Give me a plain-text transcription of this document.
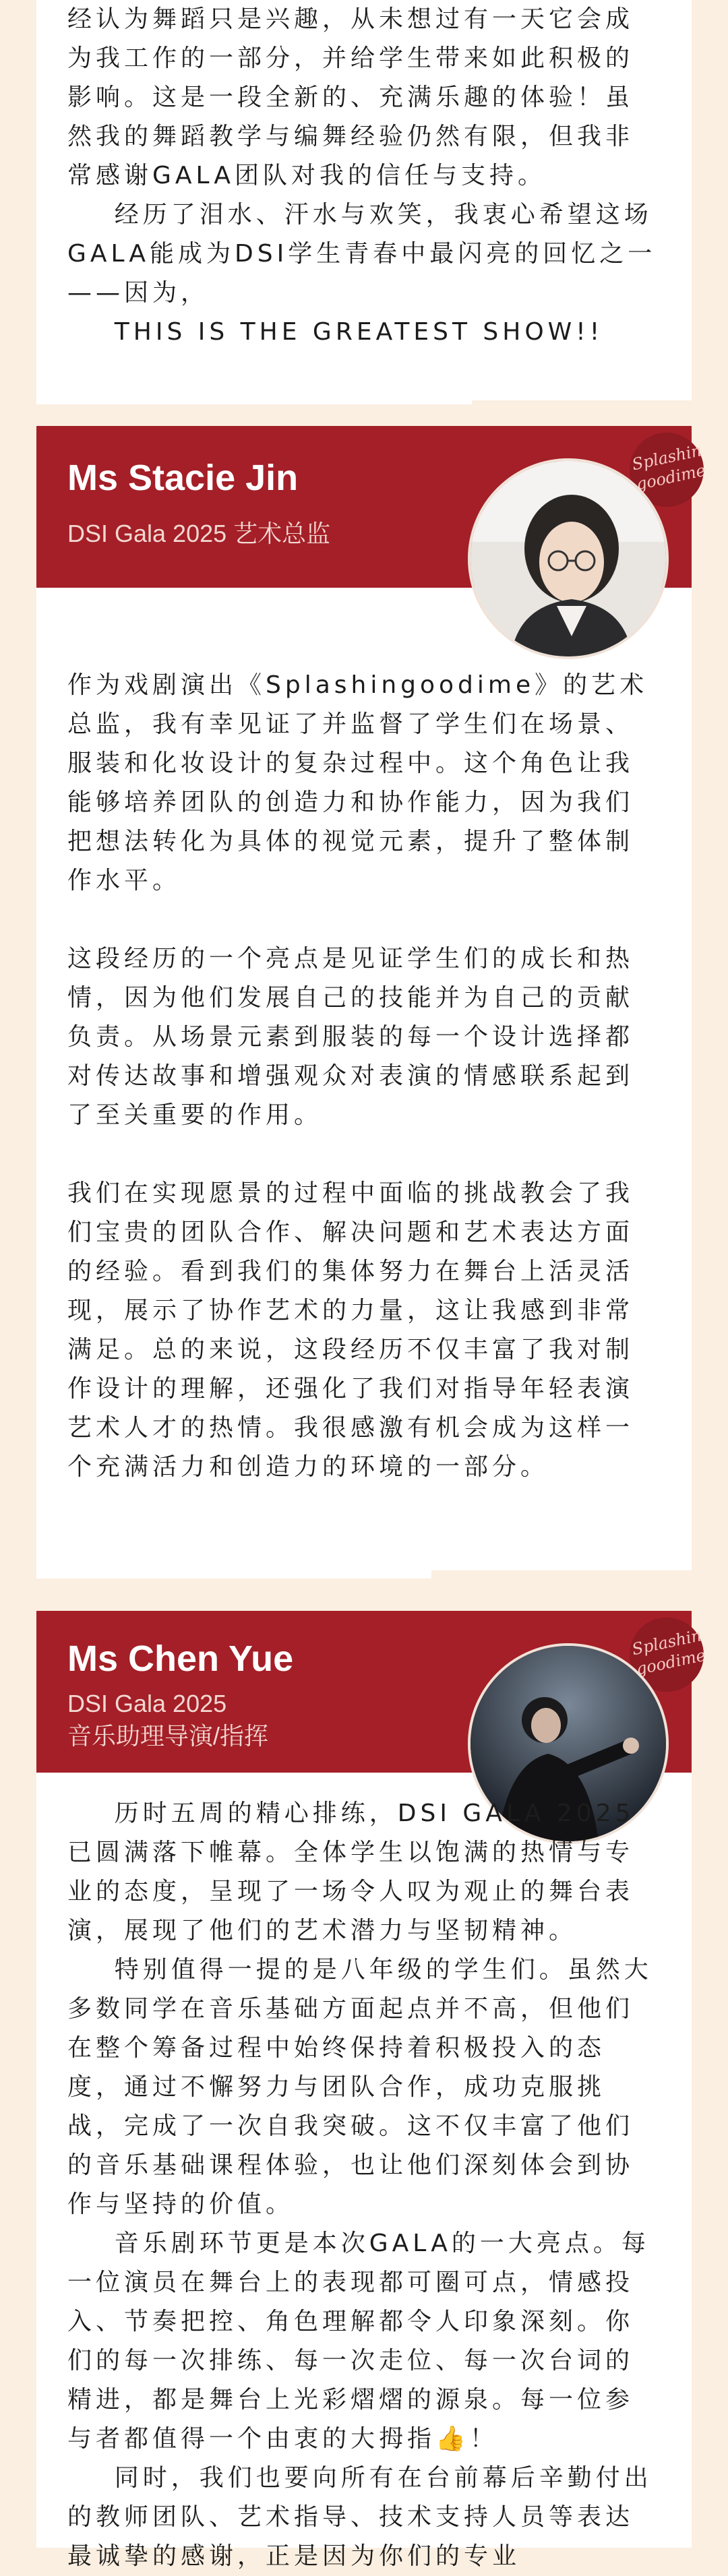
经认为舞蹈只是兴趣，从未想过有一天它会成为我工作的一部分，并给学生带来如此积极的影响。这是一段全新的、充满乐趣的体验！虽然我的舞蹈教学与编舞经验仍然有限，但我非常感谢GALA团队对我的信任与支持。
经历了泪水、汗水与欢笑，我衷心希望这场GALA能成为DSI学生青春中最闪亮的回忆之一——因为，
THIS IS THE GREATEST SHOW!!

Ms Stacie Jin
DSI Gala 2025 艺术总监
Splashin goodime

作为戏剧演出《Splashingoodime》的艺术总监，我有幸见证了并监督了学生们在场景、服装和化妆设计的复杂过程中。这个角色让我能够培养团队的创造力和协作能力，因为我们把想法转化为具体的视觉元素，提升了整体制作水平。

这段经历的一个亮点是见证学生们的成长和热情，因为他们发展自己的技能并为自己的贡献负责。从场景元素到服装的每一个设计选择都对传达故事和增强观众对表演的情感联系起到了至关重要的作用。

我们在实现愿景的过程中面临的挑战教会了我们宝贵的团队合作、解决问题和艺术表达方面的经验。看到我们的集体努力在舞台上活灵活现，展示了协作艺术的力量，这让我感到非常满足。总的来说，这段经历不仅丰富了我对制作设计的理解，还强化了我们对指导年轻表演艺术人才的热情。我很感激有机会成为这样一个充满活力和创造力的环境的一部分。

Ms Chen Yue
DSI Gala 2025
音乐助理导演/指挥
Splashin goodime

历时五周的精心排练，DSI GALA 2025已圆满落下帷幕。全体学生以饱满的热情与专业的态度，呈现了一场令人叹为观止的舞台表演，展现了他们的艺术潜力与坚韧精神。
特别值得一提的是八年级的学生们。虽然大多数同学在音乐基础方面起点并不高，但他们在整个筹备过程中始终保持着积极投入的态度，通过不懈努力与团队合作，成功克服挑战，完成了一次自我突破。这不仅丰富了他们的音乐基础课程体验，也让他们深刻体会到协作与坚持的价值。
音乐剧环节更是本次GALA的一大亮点。每一位演员在舞台上的表现都可圈可点，情感投入、节奏把控、角色理解都令人印象深刻。你们的每一次排练、每一次走位、每一次台词的精进，都是舞台上光彩熠熠的源泉。每一位参与者都值得一个由衷的大拇指👍！
同时，我们也要向所有在台前幕后辛勤付出的教师团队、艺术指导、技术支持人员等表达最诚挚的感谢，正是因为你们的专业
